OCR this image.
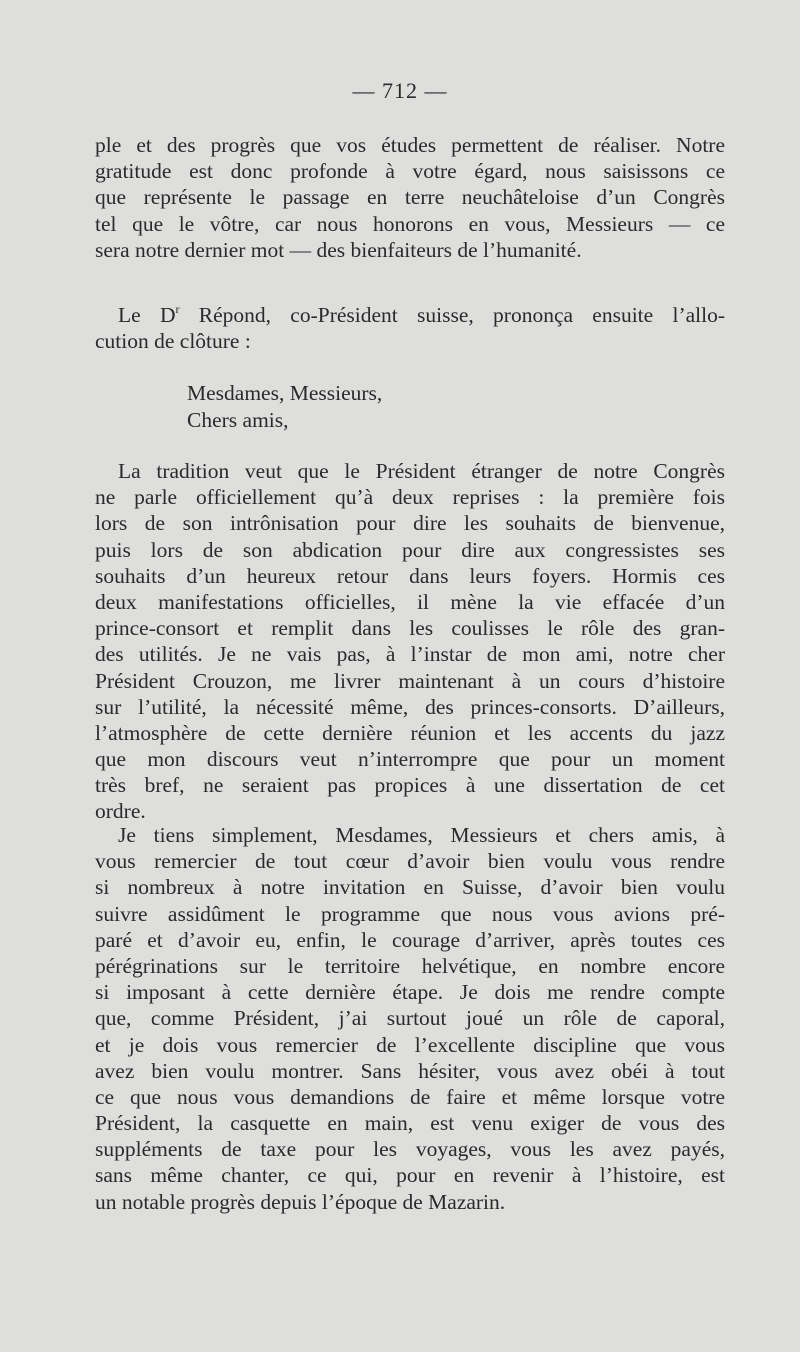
— 712 —
ple et des progrès que vos études permettent de réaliser. Notre
gratitude est donc profonde à votre égard, nous saisissons ce
que représente le passage en terre neuchâteloise d’un Congrès
tel que le vôtre, car nous honorons en vous, Messieurs — ce
sera notre dernier mot — des bienfaiteurs de l’humanité.
Le $D^r$ Répond, co-Président suisse, prononça ensuite l’allo-
cution de clôture :
Mesdames, Messieurs,
Chers amis,
La tradition veut que le Président étranger de notre Congrès
ne parle officiellement qu’à deux reprises : la première fois
lors de son intrônisation pour dire les souhaits de bienvenue,
puis lors de son abdication pour dire aux congressistes ses
souhaits d’un heureux retour dans leurs foyers. Hormis ces
deux manifestations officielles, il mène la vie effacée d’un
prince-consort et remplit dans les coulisses le rôle des gran-
des utilités. Je ne vais pas, à l’instar de mon ami, notre cher
Président Crouzon, me livrer maintenant à un cours d’histoire
sur l’utilité, la nécessité même, des princes-consorts. D’ailleurs,
l’atmosphère de cette dernière réunion et les accents du jazz
que mon discours veut n’interrompre que pour un moment
très bref, ne seraient pas propices à une dissertation de cet
ordre.
Je tiens simplement, Mesdames, Messieurs et chers amis, à
vous remercier de tout cœur d’avoir bien voulu vous rendre
si nombreux à notre invitation en Suisse, d’avoir bien voulu
suivre assidûment le programme que nous vous avions pré-
paré et d’avoir eu, enfin, le courage d’arriver, après toutes ces
pérégrinations sur le territoire helvétique, en nombre encore
si imposant à cette dernière étape. Je dois me rendre compte
que, comme Président, j’ai surtout joué un rôle de caporal,
et je dois vous remercier de l’excellente discipline que vous
avez bien voulu montrer. Sans hésiter, vous avez obéi à tout
ce que nous vous demandions de faire et même lorsque votre
Président, la casquette en main, est venu exiger de vous des
suppléments de taxe pour les voyages, vous les avez payés,
sans même chanter, ce qui, pour en revenir à l’histoire, est
un notable progrès depuis l’époque de Mazarin.
